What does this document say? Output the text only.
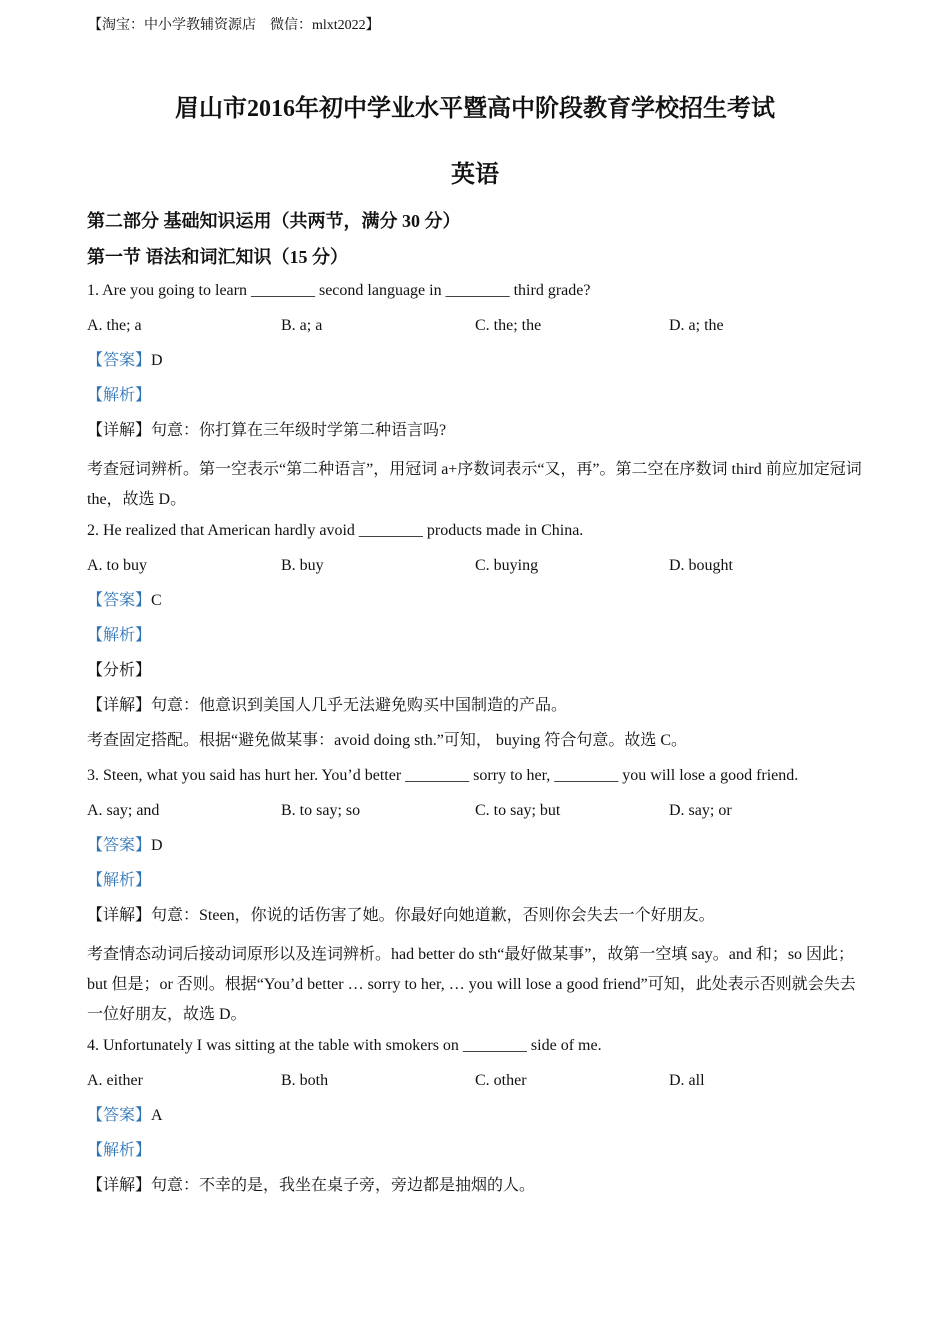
【淘宝：中小学教辅资源店　微信：mlxt2022】
眉山市2016年初中学业水平暨高中阶段教育学校招生考试
英语
第二部分 基础知识运用（共两节，满分 30 分）
第一节 语法和词汇知识（15 分）
1. Are you going to learn ________ second language in ________ third grade?
A. the; a	B. a; a	C. the; the	D. a; the
【答案】D
【解析】
【详解】句意：你打算在三年级时学第二种语言吗?
考查冠词辨析。第一空表示“第二种语言”，用冠词 a+序数词表示“又，再”。第二空在序数词 third 前应加定冠词 the，故选 D。
2. He realized that American hardly avoid ________ products made in China.
A. to buy	B. buy	C. buying	D. bought
【答案】C
【解析】
【分析】
【详解】句意：他意识到美国人几乎无法避免购买中国制造的产品。
考查固定搭配。根据“避免做某事：avoid doing sth.”可知， buying 符合句意。故选 C。
3. Steen, what you said has hurt her. You’d better ________ sorry to her, ________ you will lose a good friend.
A. say; and	B. to say; so	C. to say; but	D. say; or
【答案】D
【解析】
【详解】句意：Steen，你说的话伤害了她。你最好向她道歉，否则你会失去一个好朋友。
考查情态动词后接动词原形以及连词辨析。had better do sth“最好做某事”，故第一空填 say。and 和；so 因此；but 但是；or 否则。根据“You’d better … sorry to her, … you will lose a good friend”可知，此处表示否则就会失去一位好朋友，故选 D。
4. Unfortunately I was sitting at the table with smokers on ________ side of me.
A. either	B. both	C. other	D. all
【答案】A
【解析】
【详解】句意：不幸的是，我坐在桌子旁，旁边都是抽烟的人。
